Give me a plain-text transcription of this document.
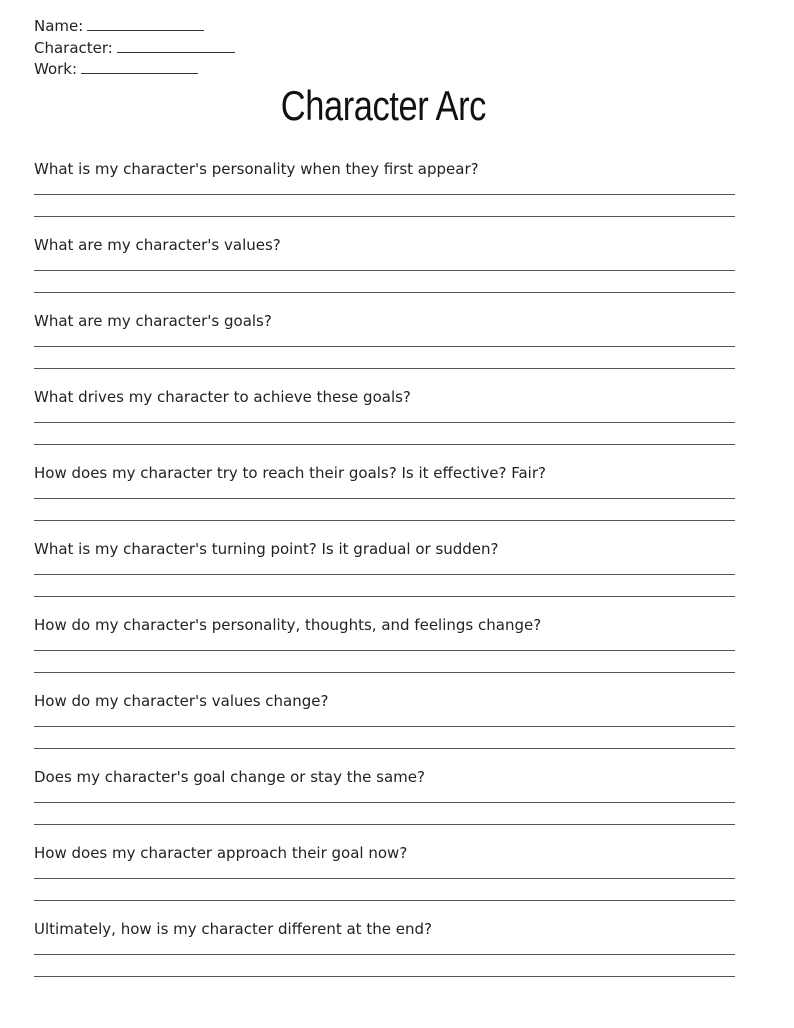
Name:
Character:
Work:
Character Arc
What is my character's personality when they first appear?
What are my character's values?
What are my character's goals?
What drives my character to achieve these goals?
How does my character try to reach their goals? Is it effective? Fair?
What is my character's turning point? Is it gradual or sudden?
How do my character's personality, thoughts, and feelings change?
How do my character's values change?
Does my character's goal change or stay the same?
How does my character approach their goal now?
Ultimately, how is my character different at the end?
